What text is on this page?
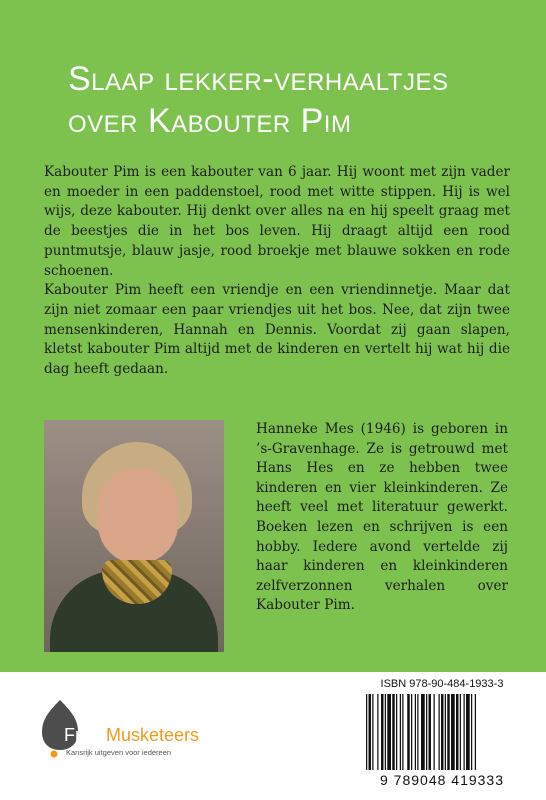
Slaap lekker-verhaaltjes
over Kabouter Pim

Kabouter Pim is een kabouter van 6 jaar. Hij woont met zijn vader en moeder in een paddenstoel, rood met witte stippen. Hij is wel wijs, deze kabouter. Hij denkt over alles na en hij speelt graag met de beestjes die in het bos leven. Hij draagt altijd een rood puntmutsje, blauw jasje, rood broekje met blauwe sokken en rode schoenen.

Kabouter Pim heeft een vriendje en een vriendinnetje. Maar dat zijn niet zomaar een paar vriendjes uit het bos. Nee, dat zijn twee mensenkinderen, Hannah en Dennis. Voordat zij gaan slapen, kletst kabouter Pim altijd met de kinderen en vertelt hij wat hij die dag heeft gedaan.

Hanneke Mes (1946) is geboren in ’s-Gravenhage. Ze is getrouwd met Hans Hes en ze hebben twee kinderen en vier kleinkinderen. Ze heeft veel met literatuur gewerkt. Boeken lezen en schrijven is een hobby. Iedere avond vertelde zij haar kinderen en kleinkinderen zelfverzonnen verhalen over Kabouter Pim.
ISBN 978-90-484-1933-3
9 789048 419333
Free Musketeers
Kansrijk uitgeven voor iedereen
